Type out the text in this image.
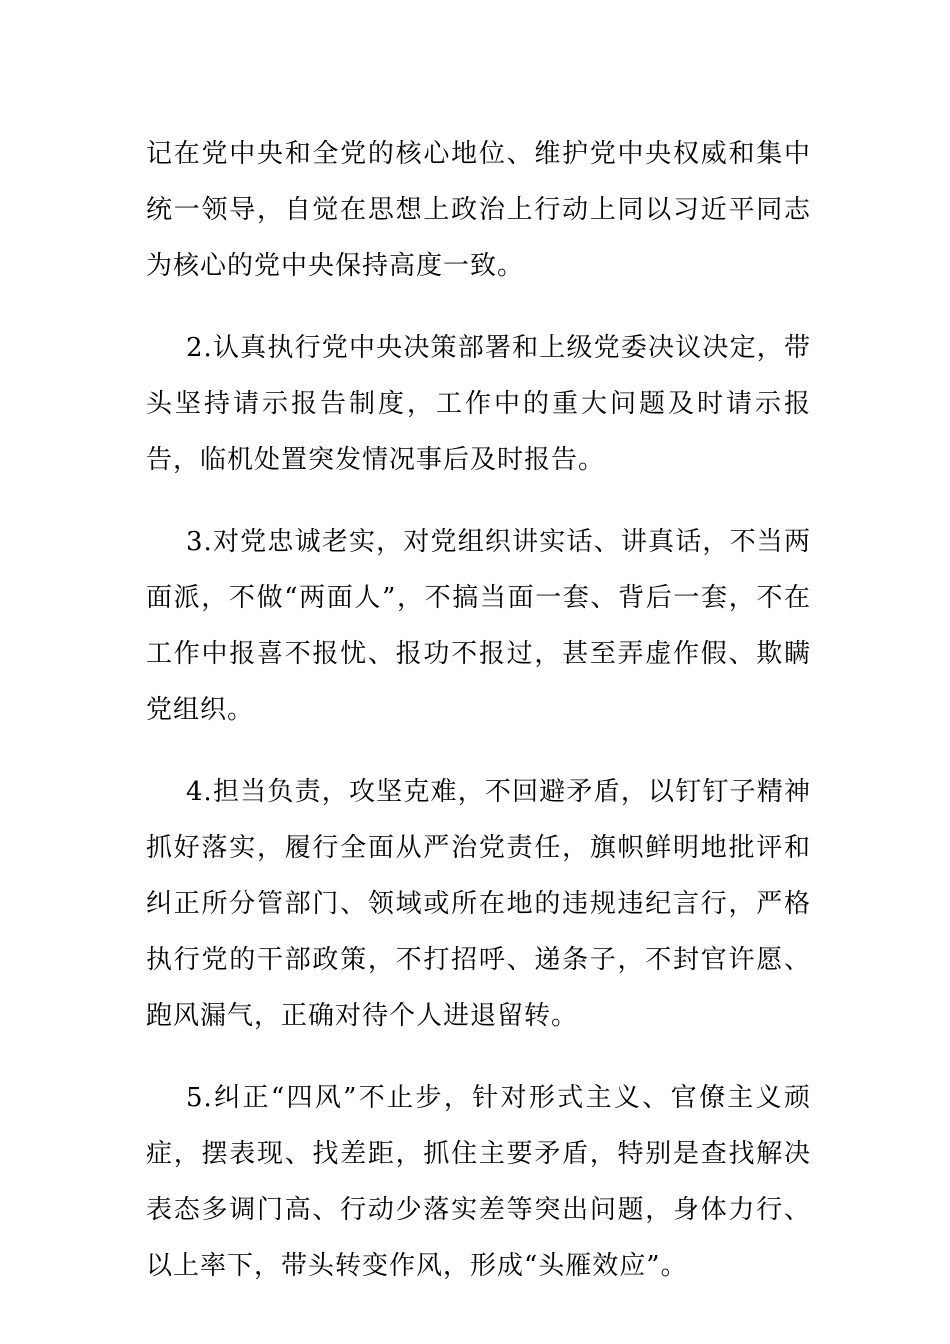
记在党中央和全党的核心地位、维护党中央权威和集中统一领导，自觉在思想上政治上行动上同以习近平同志为核心的党中央保持高度一致。

2.认真执行党中央决策部署和上级党委决议决定，带头坚持请示报告制度，工作中的重大问题及时请示报告，临机处置突发情况事后及时报告。

3.对党忠诚老实，对党组织讲实话、讲真话，不当两面派，不做“两面人”，不搞当面一套、背后一套，不在工作中报喜不报忧、报功不报过，甚至弄虚作假、欺瞒党组织。

4.担当负责，攻坚克难，不回避矛盾，以钉钉子精神抓好落实，履行全面从严治党责任，旗帜鲜明地批评和纠正所分管部门、领域或所在地的违规违纪言行，严格执行党的干部政策，不打招呼、递条子，不封官许愿、跑风漏气，正确对待个人进退留转。

5.纠正“四风”不止步，针对形式主义、官僚主义顽症，摆表现、找差距，抓住主要矛盾，特别是查找解决表态多调门高、行动少落实差等突出问题，身体力行、以上率下，带头转变作风，形成“头雁效应”。
